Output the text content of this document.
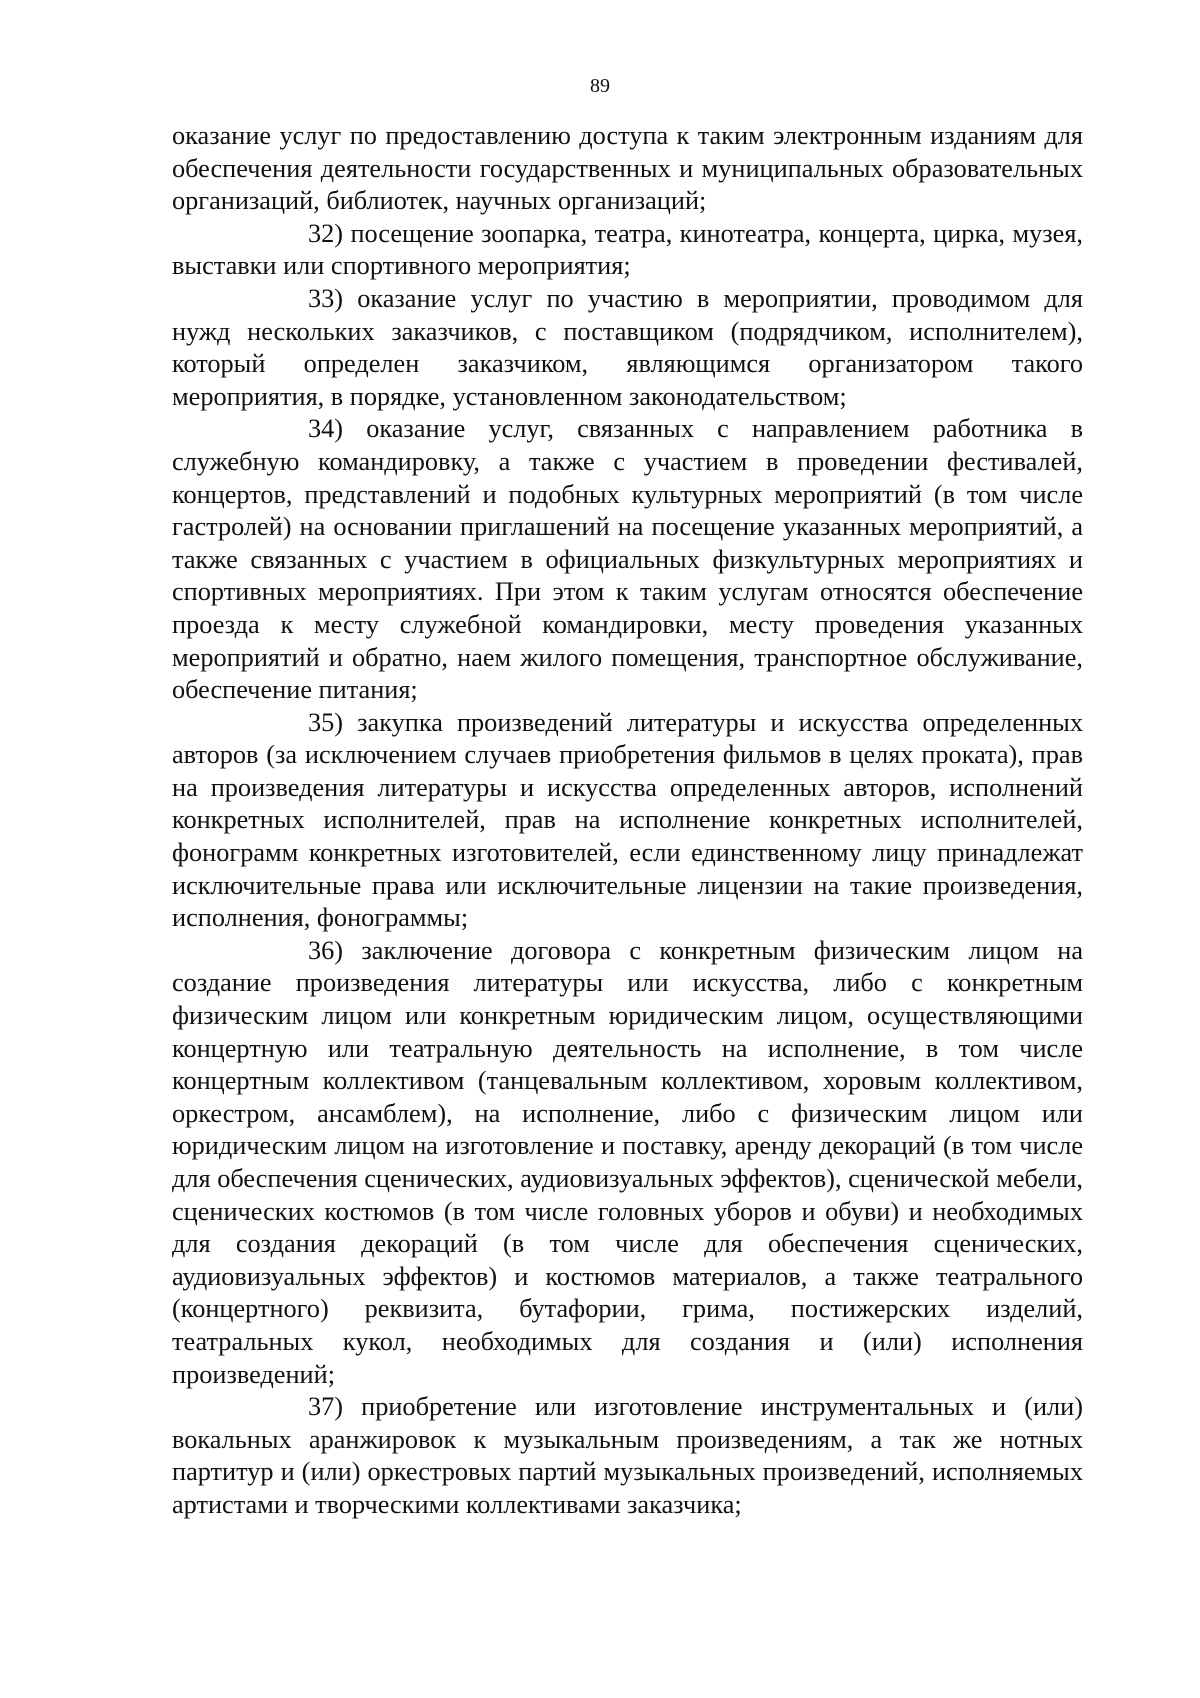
89

оказание услуг по предоставлению доступа к таким электронным изданиям для обеспечения деятельности государственных и муниципальных образовательных организаций, библиотек, научных организаций;

32) посещение зоопарка, театра, кинотеатра, концерта, цирка, музея, выставки или спортивного мероприятия;

33) оказание услуг по участию в мероприятии, проводимом для нужд нескольких заказчиков, с поставщиком (подрядчиком, исполнителем), который определен заказчиком, являющимся организатором такого мероприятия, в порядке, установленном законодательством;

34) оказание услуг, связанных с направлением работника в служебную командировку, а также с участием в проведении фестивалей, концертов, представлений и подобных культурных мероприятий (в том числе гастролей) на основании приглашений на посещение указанных мероприятий, а также связанных с участием в официальных физкультурных мероприятиях и спортивных мероприятиях. При этом к таким услугам относятся обеспечение проезда к месту служебной командировки, месту проведения указанных мероприятий и обратно, наем жилого помещения, транспортное обслуживание, обеспечение питания;

35) закупка произведений литературы и искусства определенных авторов (за исключением случаев приобретения фильмов в целях проката), прав на произведения литературы и искусства определенных авторов, исполнений конкретных исполнителей, прав на исполнение конкретных исполнителей, фонограмм конкретных изготовителей, если единственному лицу принадлежат исключительные права или исключительные лицензии на такие произведения, исполнения, фонограммы;

36) заключение договора с конкретным физическим лицом на создание произведения литературы или искусства, либо с конкретным физическим лицом или конкретным юридическим лицом, осуществляющими концертную или театральную деятельность на исполнение, в том числе концертным коллективом (танцевальным коллективом, хоровым коллективом, оркестром, ансамблем), на исполнение, либо с физическим лицом или юридическим лицом на изготовление и поставку, аренду декораций (в том числе для обеспечения сценических, аудиовизуальных эффектов), сценической мебели, сценических костюмов (в том числе головных уборов и обуви) и необходимых для создания декораций (в том числе для обеспечения сценических, аудиовизуальных эффектов) и костюмов материалов, а также театрального (концертного) реквизита, бутафории, грима, постижерских изделий, театральных кукол, необходимых для создания и (или) исполнения произведений;

37) приобретение или изготовление инструментальных и (или) вокальных аранжировок к музыкальным произведениям, а так же нотных партитур и (или) оркестровых партий музыкальных произведений, исполняемых артистами и творческими коллективами заказчика;
